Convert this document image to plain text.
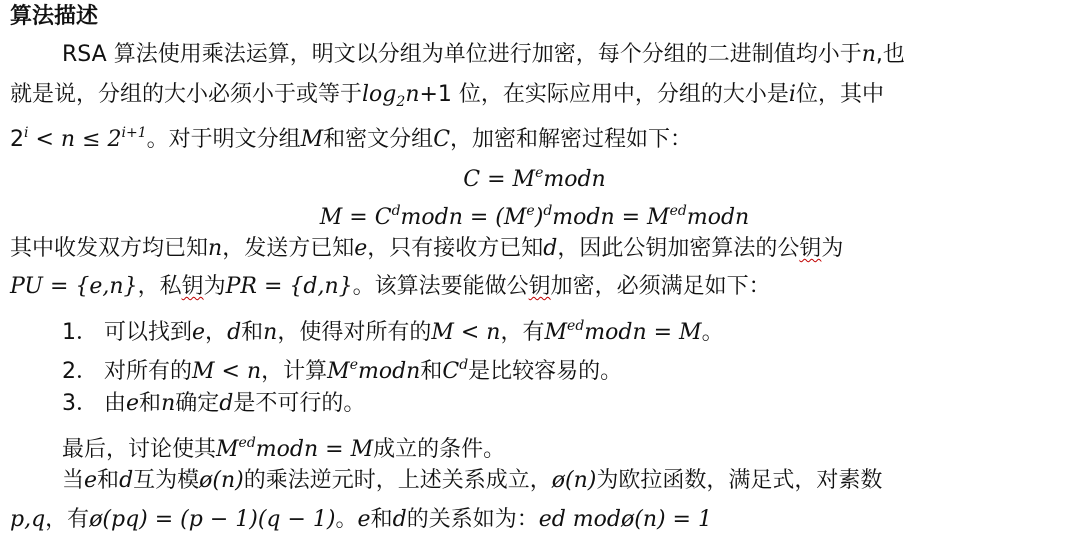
算法描述
RSA 算法使用乘法运算，明文以分组为单位进行加密，每个分组的二进制值均小于n,也
就是说，分组的大小必须小于或等于$\log_2n+1$ 位，在实际应用中，分组的大小是i位，其中
$2^i < n \le 2^{i+1}$。对于明文分组M和密文分组C，加密和解密过程如下：
$C = M^emodn$
$M = C^dmodn$ = $(M^e)^dmodn$ = $M^{ed}modn$
其中收发双方均已知n，发送方已知e，只有接收方已知d，因此公钥加密算法的公钥为
PU = {e,n}，私钥为PR = {d,n}。该算法要能做公钥加密，必须满足如下：
1． 可以找到e，d和n，使得对所有的M < n，有$M^{ed}modn = M$。
2． 对所有的M < n，计算Memodn和$C^d$是比较容易的。
3． 由e和n确定d是不可行的。
最后，讨论使其$M^{ed}modn = M$成立的条件。
当e和d互为模ø(n)的乘法逆元时，上述关系成立，ø(n)为欧拉函数，满足式，对素数
p,q，有ø(pq) = (p − 1)(q − 1)。e和d的关系如为：ed modø(n) = 1
